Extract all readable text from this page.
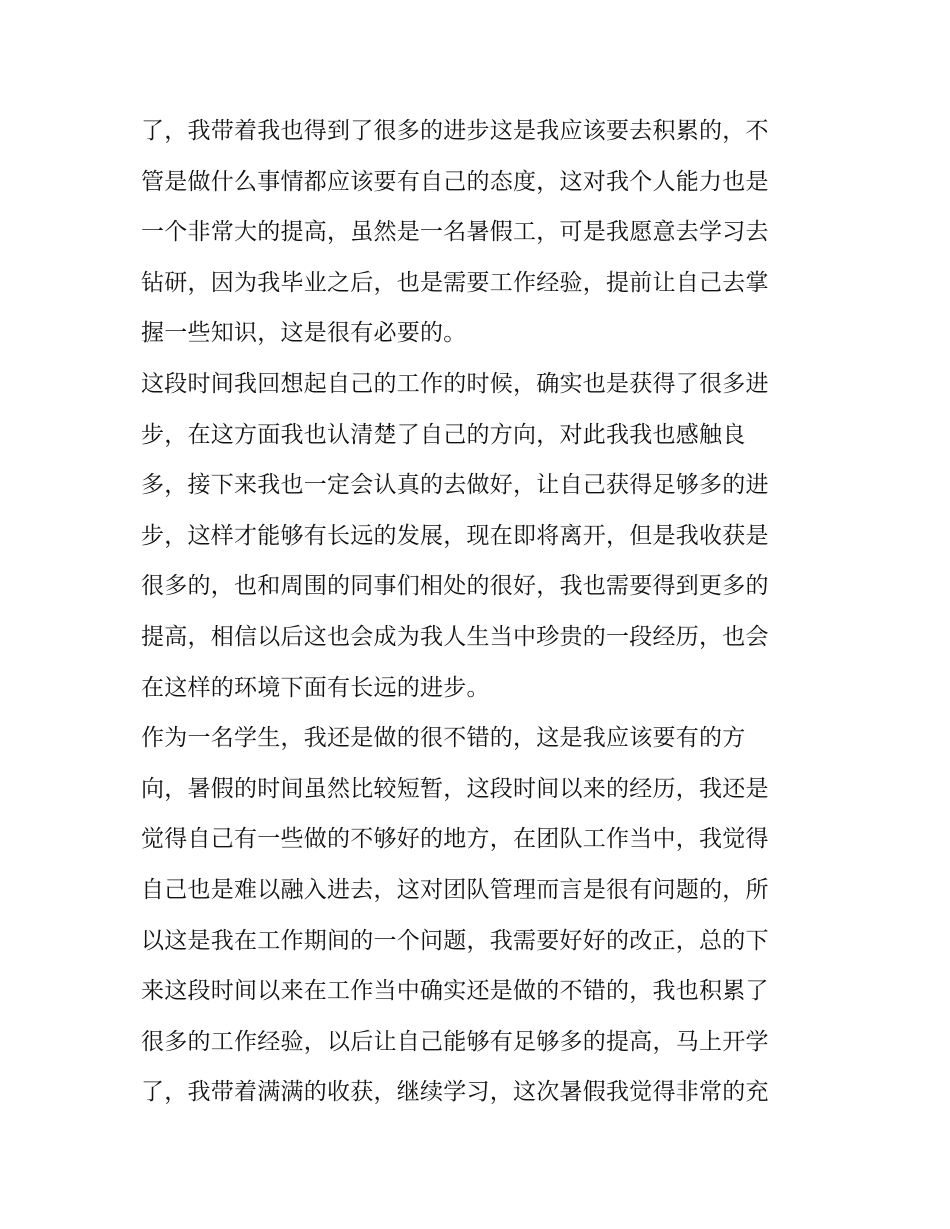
了，我带着我也得到了很多的进步这是我应该要去积累的，不
管是做什么事情都应该要有自己的态度，这对我个人能力也是
一个非常大的提高，虽然是一名暑假工，可是我愿意去学习去
钻研，因为我毕业之后，也是需要工作经验，提前让自己去掌
握一些知识，这是很有必要的。
这段时间我回想起自己的工作的时候，确实也是获得了很多进
步，在这方面我也认清楚了自己的方向，对此我我也感触良
多，接下来我也一定会认真的去做好，让自己获得足够多的进
步，这样才能够有长远的发展，现在即将离开，但是我收获是
很多的，也和周围的同事们相处的很好，我也需要得到更多的
提高，相信以后这也会成为我人生当中珍贵的一段经历，也会
在这样的环境下面有长远的进步。
作为一名学生，我还是做的很不错的，这是我应该要有的方
向，暑假的时间虽然比较短暂，这段时间以来的经历，我还是
觉得自己有一些做的不够好的地方，在团队工作当中，我觉得
自己也是难以融入进去，这对团队管理而言是很有问题的，所
以这是我在工作期间的一个问题，我需要好好的改正，总的下
来这段时间以来在工作当中确实还是做的不错的，我也积累了
很多的工作经验，以后让自己能够有足够多的提高，马上开学
了，我带着满满的收获，继续学习，这次暑假我觉得非常的充
